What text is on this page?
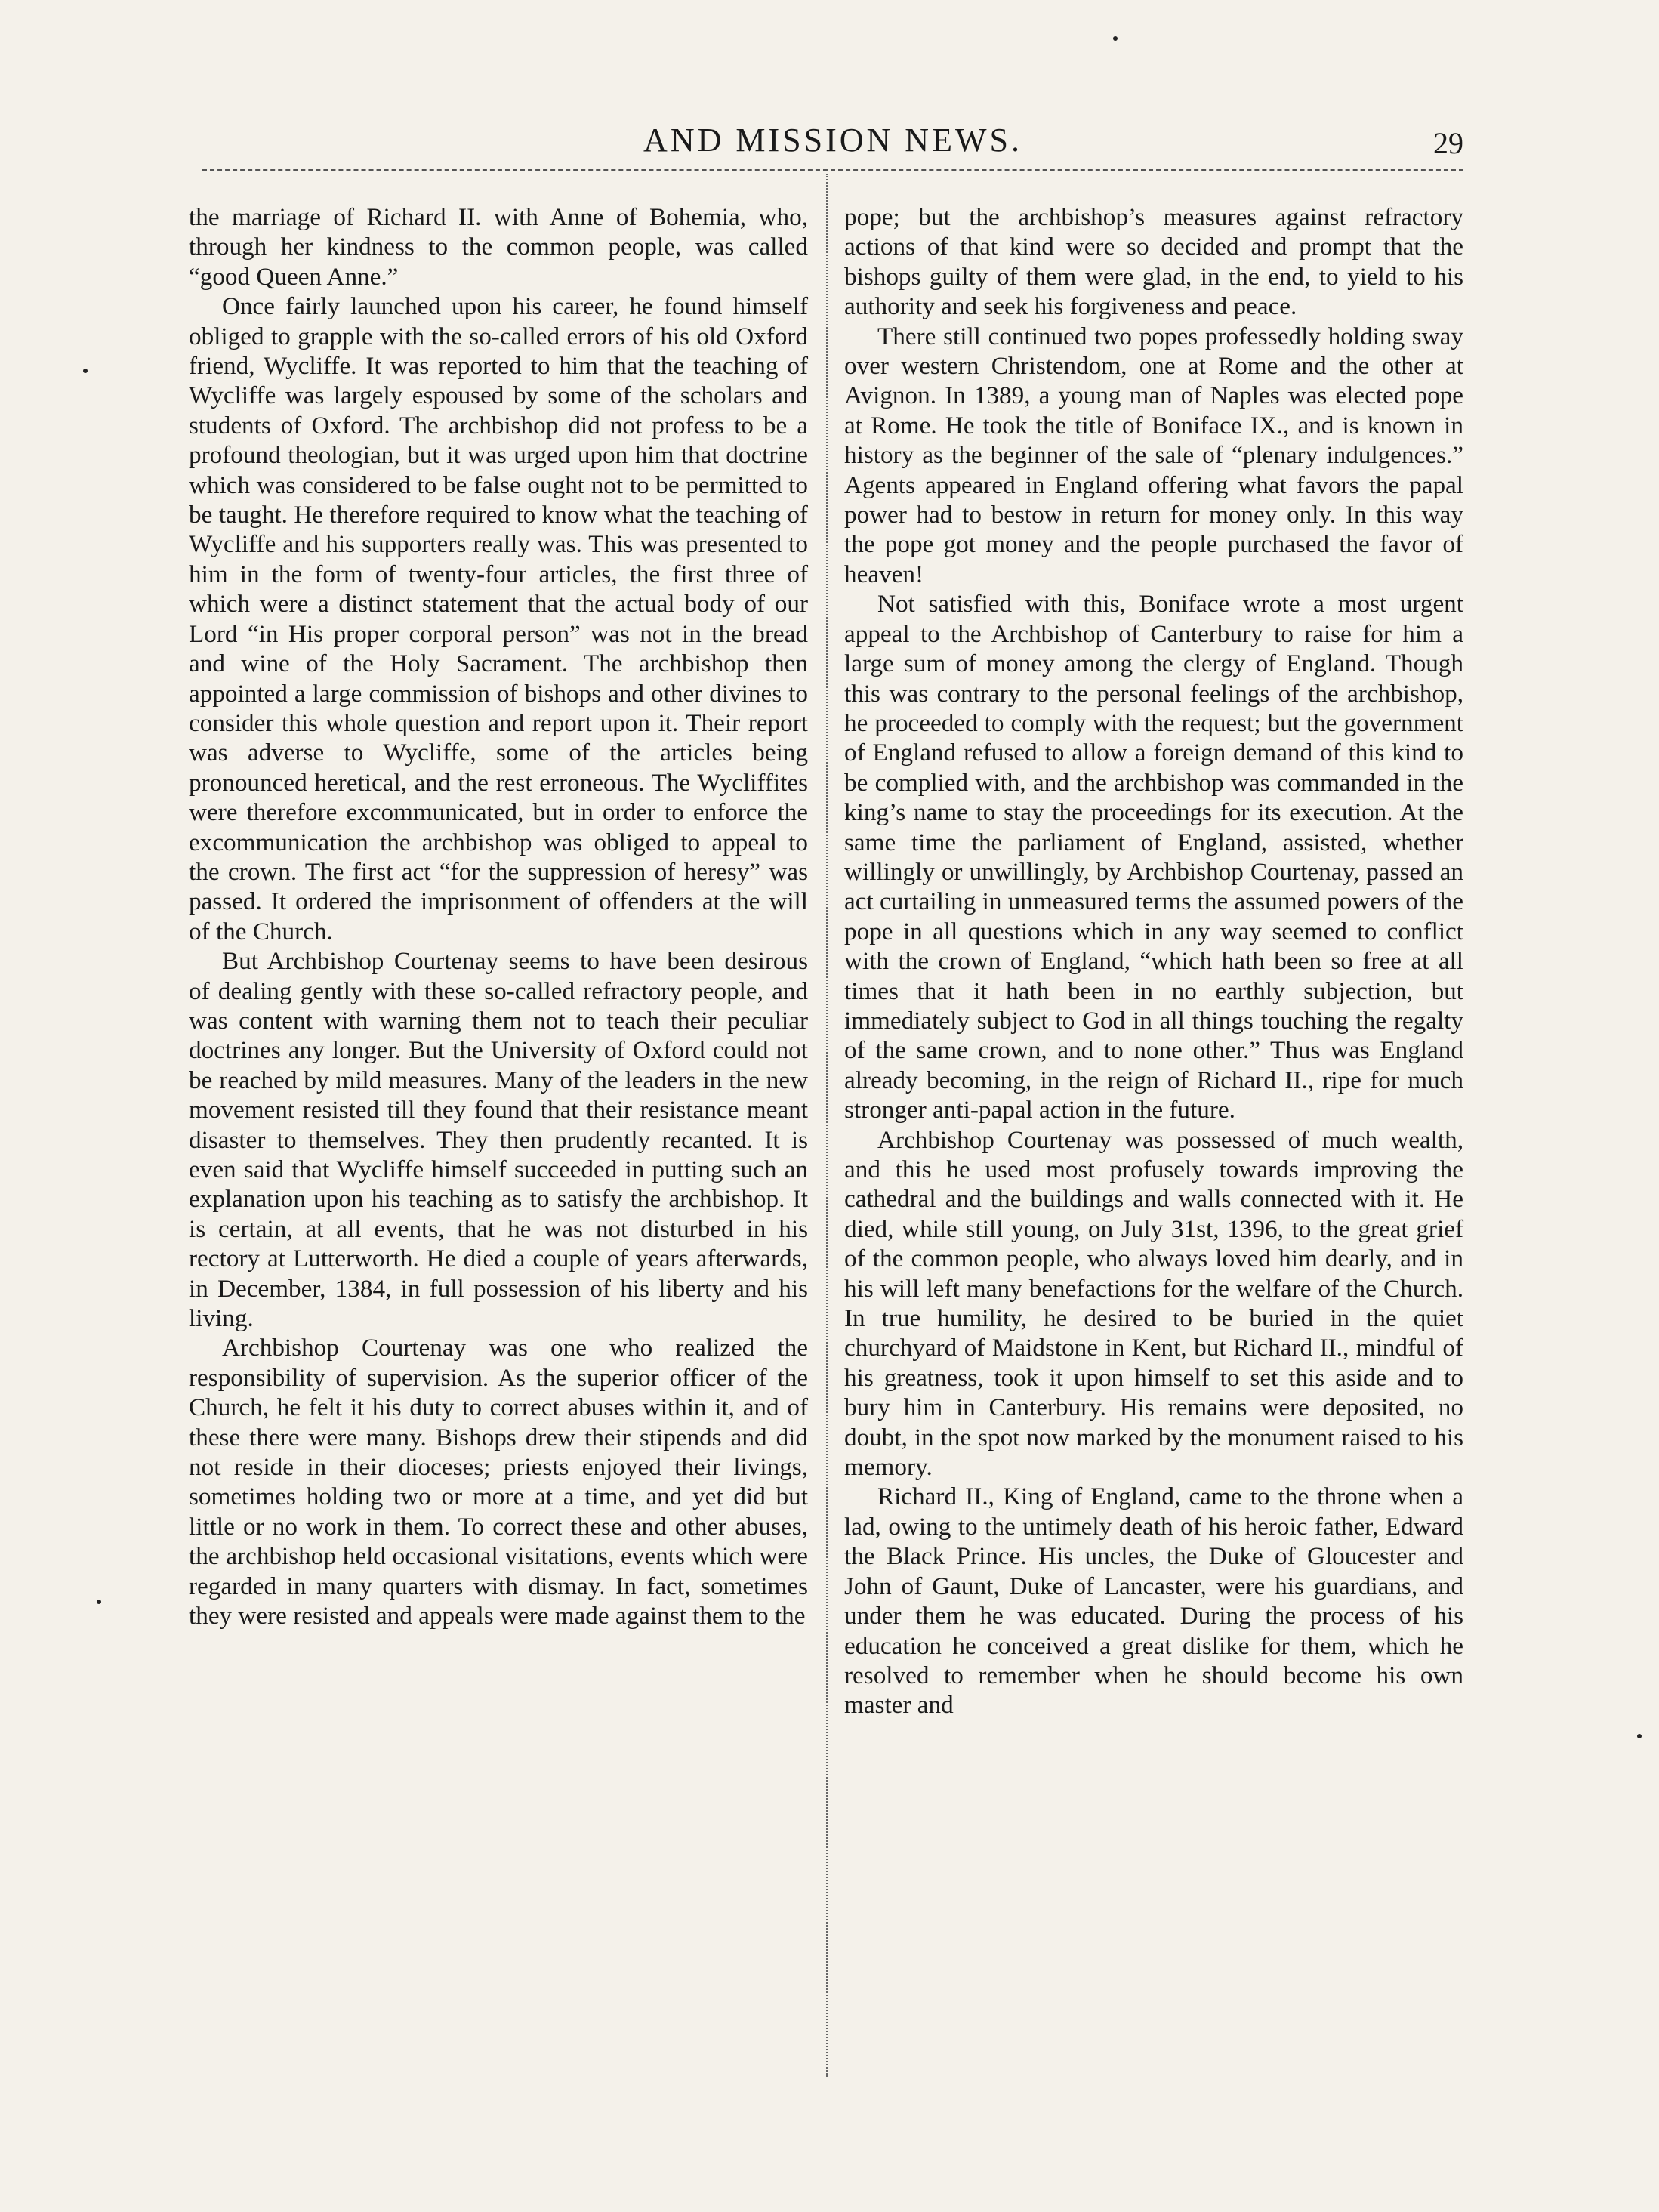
AND MISSION NEWS.	29

the marriage of Richard II. with Anne of Bohemia, who, through her kindness to the common people, was called “good Queen Anne.”

Once fairly launched upon his career, he found himself obliged to grapple with the so-called errors of his old Oxford friend, Wycliffe. It was reported to him that the teaching of Wycliffe was largely espoused by some of the scholars and students of Oxford. The archbishop did not profess to be a profound theologian, but it was urged upon him that doctrine which was considered to be false ought not to be permitted to be taught. He therefore required to know what the teaching of Wycliffe and his supporters really was. This was presented to him in the form of twenty-four articles, the first three of which were a distinct statement that the actual body of our Lord “in His proper corporal person” was not in the bread and wine of the Holy Sacrament. The archbishop then appointed a large commission of bishops and other divines to consider this whole question and report upon it. Their report was adverse to Wycliffe, some of the articles being pronounced heretical, and the rest erroneous. The Wycliffites were therefore excommunicated, but in order to enforce the excommunication the archbishop was obliged to appeal to the crown. The first act “for the suppression of heresy” was passed. It ordered the imprisonment of offenders at the will of the Church.

But Archbishop Courtenay seems to have been desirous of dealing gently with these so-called refractory people, and was content with warning them not to teach their peculiar doctrines any longer. But the University of Oxford could not be reached by mild measures. Many of the leaders in the new movement resisted till they found that their resistance meant disaster to themselves. They then prudently recanted. It is even said that Wycliffe himself succeeded in putting such an explanation upon his teaching as to satisfy the archbishop. It is certain, at all events, that he was not disturbed in his rectory at Lutterworth. He died a couple of years afterwards, in December, 1384, in full possession of his liberty and his living.

Archbishop Courtenay was one who realized the responsibility of supervision. As the superior officer of the Church, he felt it his duty to correct abuses within it, and of these there were many. Bishops drew their stipends and did not reside in their dioceses; priests enjoyed their livings, sometimes holding two or more at a time, and yet did but little or no work in them. To correct these and other abuses, the archbishop held occasional visitations, events which were regarded in many quarters with dismay. In fact, sometimes they were resisted and appeals were made against them to the

pope; but the archbishop’s measures against refractory actions of that kind were so decided and prompt that the bishops guilty of them were glad, in the end, to yield to his authority and seek his forgiveness and peace.

There still continued two popes professedly holding sway over western Christendom, one at Rome and the other at Avignon. In 1389, a young man of Naples was elected pope at Rome. He took the title of Boniface IX., and is known in history as the beginner of the sale of “plenary indulgences.” Agents appeared in England offering what favors the papal power had to bestow in return for money only. In this way the pope got money and the people purchased the favor of heaven!

Not satisfied with this, Boniface wrote a most urgent appeal to the Archbishop of Canterbury to raise for him a large sum of money among the clergy of England. Though this was contrary to the personal feelings of the archbishop, he proceeded to comply with the request; but the government of England refused to allow a foreign demand of this kind to be complied with, and the archbishop was commanded in the king’s name to stay the proceedings for its execution. At the same time the parliament of England, assisted, whether willingly or unwillingly, by Archbishop Courtenay, passed an act curtailing in unmeasured terms the assumed powers of the pope in all questions which in any way seemed to conflict with the crown of England, “which hath been so free at all times that it hath been in no earthly subjection, but immediately subject to God in all things touching the regalty of the same crown, and to none other.” Thus was England already becoming, in the reign of Richard II., ripe for much stronger anti-papal action in the future.

Archbishop Courtenay was possessed of much wealth, and this he used most profusely towards improving the cathedral and the buildings and walls connected with it. He died, while still young, on July 31st, 1396, to the great grief of the common people, who always loved him dearly, and in his will left many benefactions for the welfare of the Church. In true humility, he desired to be buried in the quiet churchyard of Maidstone in Kent, but Richard II., mindful of his greatness, took it upon himself to set this aside and to bury him in Canterbury. His remains were deposited, no doubt, in the spot now marked by the monument raised to his memory.

Richard II., King of England, came to the throne when a lad, owing to the untimely death of his heroic father, Edward the Black Prince. His uncles, the Duke of Gloucester and John of Gaunt, Duke of Lancaster, were his guardians, and under them he was educated. During the process of his education he conceived a great dislike for them, which he resolved to remember when he should become his own master and
